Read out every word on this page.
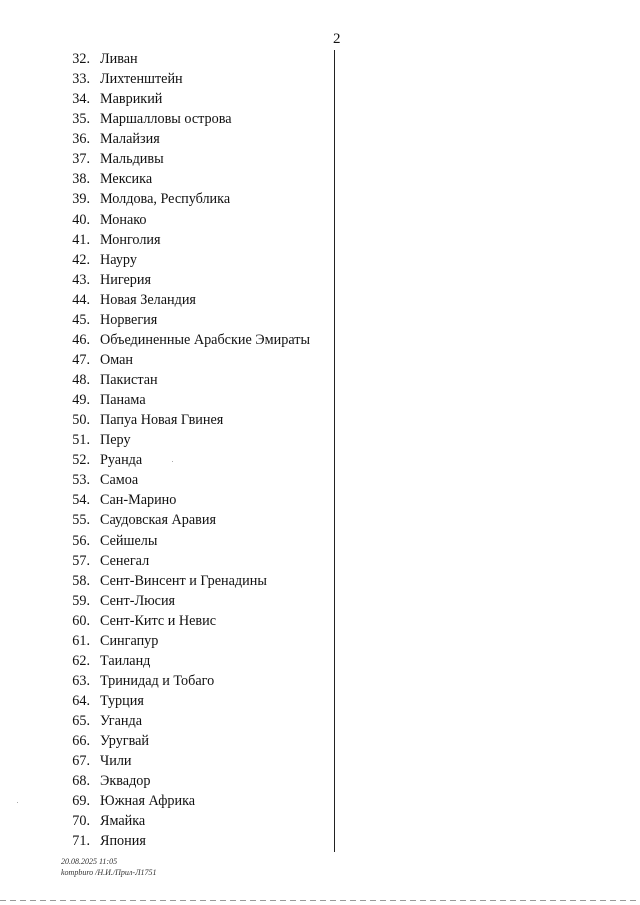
2
32. Ливан
33. Лихтенштейн
34. Маврикий
35. Маршалловы острова
36. Малайзия
37. Мальдивы
38. Мексика
39. Молдова, Республика
40. Монако
41. Монголия
42. Науру
43. Нигерия
44. Новая Зеландия
45. Норвегия
46. Объединенные Арабские Эмираты
47. Оман
48. Пакистан
49. Панама
50. Папуа Новая Гвинея
51. Перу
52. Руанда
53. Самоа
54. Сан-Марино
55. Саудовская Аравия
56. Сейшелы
57. Сенегал
58. Сент-Винсент и Гренадины
59. Сент-Люсия
60. Сент-Китс и Невис
61. Сингапур
62. Таиланд
63. Тринидад и Тобаго
64. Турция
65. Уганда
66. Уругвай
67. Чили
68. Эквадор
69. Южная Африка
70. Ямайка
71. Япония
20.08.2025 11:05
kompburo /Н.И./Прил-Л1751
